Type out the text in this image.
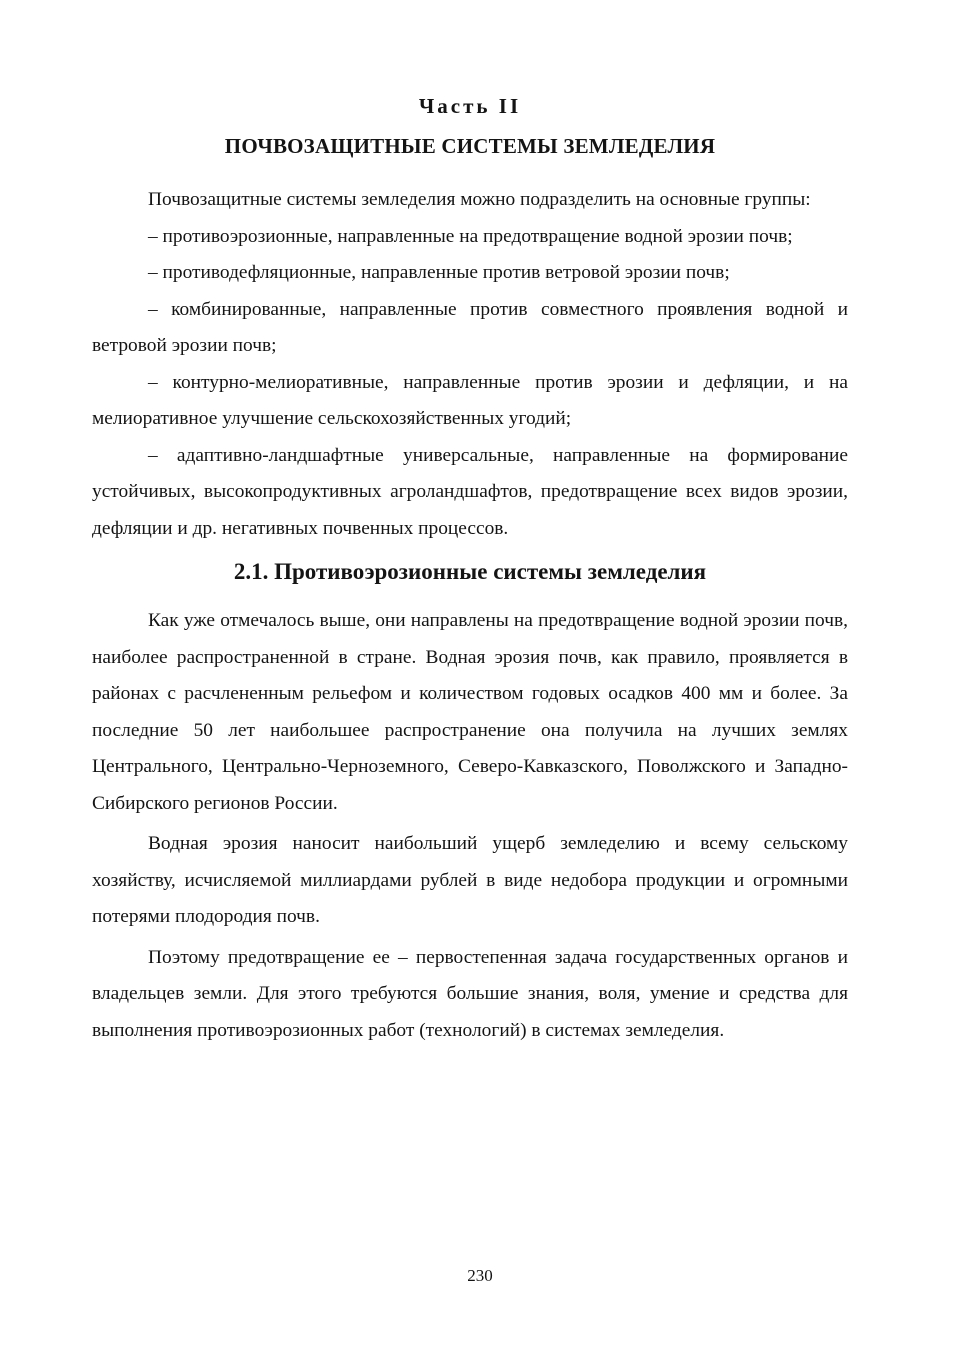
Часть II
ПОЧВОЗАЩИТНЫЕ СИСТЕМЫ ЗЕМЛЕДЕЛИЯ

Почвозащитные системы земледелия можно подразделить на основные группы:

– противоэрозионные, направленные на предотвращение водной эрозии почв;

– противодефляционные, направленные против ветровой эрозии почв;

– комбинированные, направленные против совместного проявления водной и ветровой эрозии почв;

– контурно-мелиоративные, направленные против эрозии и дефляции, и на мелиоративное улучшение сельскохозяйственных угодий;

– адаптивно-ландшафтные универсальные, направленные на формирование устойчивых, высокопродуктивных агроландшафтов, предотвращение всех видов эрозии, дефляции и др. негативных почвенных процессов.

2.1. Противоэрозионные системы земледелия

Как уже отмечалось выше, они направлены на предотвращение водной эрозии почв, наиболее распространенной в стране. Водная эрозия почв, как правило, проявляется в районах с расчлененным рельефом и количеством годовых осадков 400 мм и более. За последние 50 лет наибольшее распространение она получила на лучших землях Центрального, Центрально-Черноземного, Северо-Кавказского, Поволжского и Западно-Сибирского регионов России.

Водная эрозия наносит наибольший ущерб земледелию и всему сельскому хозяйству, исчисляемой миллиардами рублей в виде недобора продукции и огромными потерями плодородия почв.

Поэтому предотвращение ее – первостепенная задача государственных органов и владельцев земли. Для этого требуются большие знания, воля, умение и средства для выполнения противоэрозионных работ (технологий) в системах земледелия.

230
